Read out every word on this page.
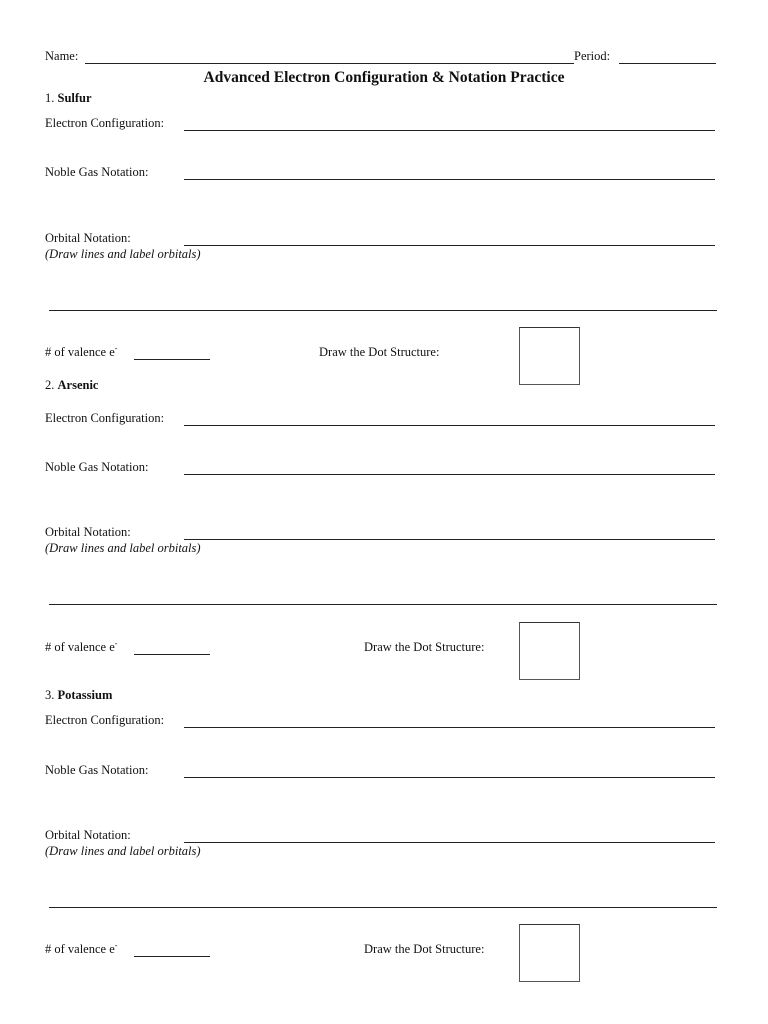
Name:	Period:
Advanced Electron Configuration & Notation Practice
1. Sulfur
Electron Configuration:
Noble Gas Notation:
Orbital Notation:
(Draw lines and label orbitals)
# of valence e-	Draw the Dot Structure:
2. Arsenic
Electron Configuration:
Noble Gas Notation:
Orbital Notation:
(Draw lines and label orbitals)
# of valence e-	Draw the Dot Structure:
3. Potassium
Electron Configuration:
Noble Gas Notation:
Orbital Notation:
(Draw lines and label orbitals)
# of valence e-	Draw the Dot Structure:
